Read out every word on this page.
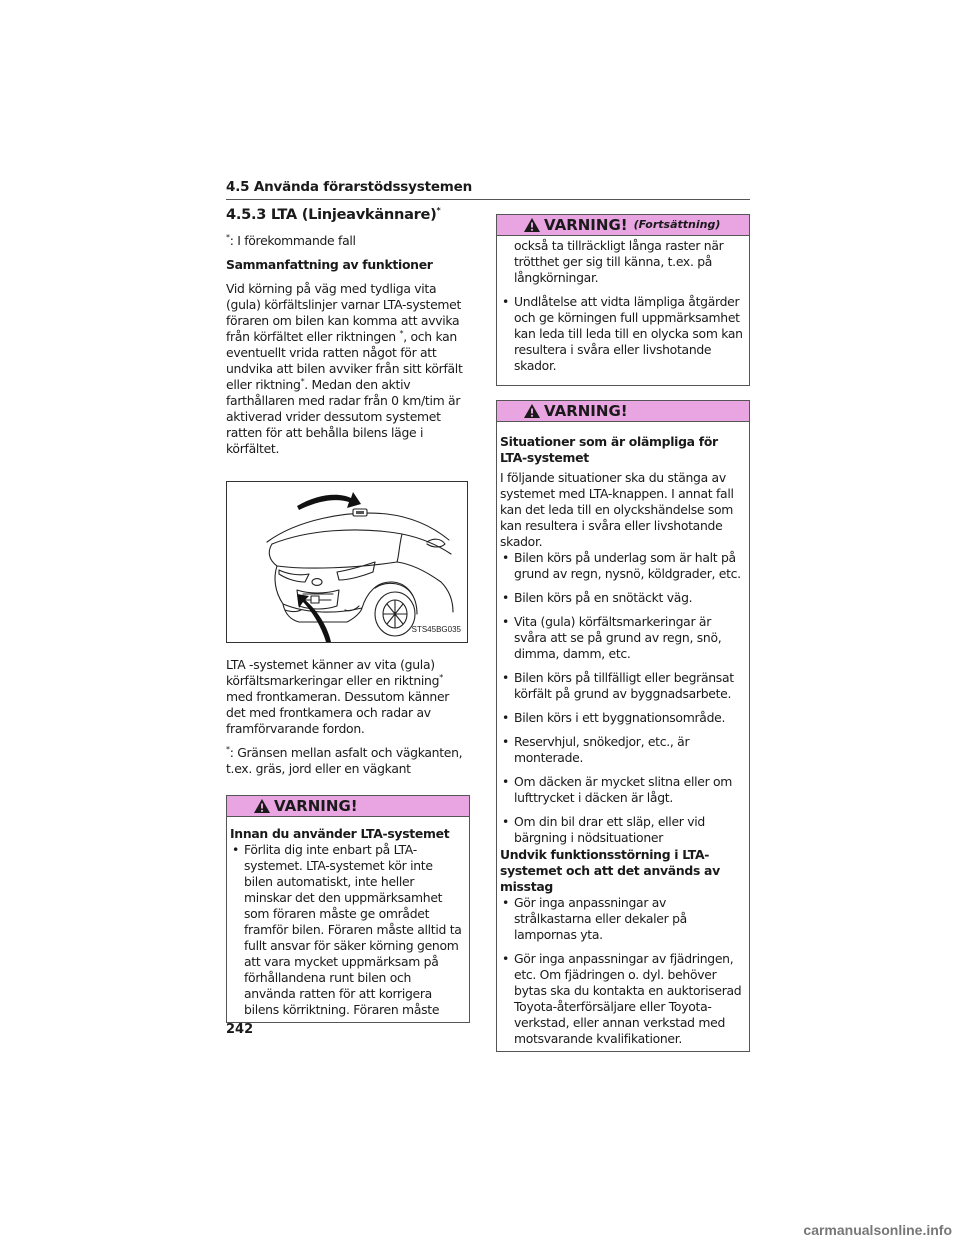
4.5 Använda förarstödssystemen
4.5.3 LTA (Linjeavkännare)*

*: I förekommande fall

Sammanfattning av funktioner

Vid körning på väg med tydliga vita (gula) körfältslinjer varnar LTA-systemet föraren om bilen kan komma att avvika från körfältet eller riktningen *, och kan eventuellt vrida ratten något för att undvika att bilen avviker från sitt körfält eller riktning*. Medan den aktiv farthållaren med radar från 0 km/tim är aktiverad vrider dessutom systemet ratten för att behålla bilens läge i körfältet.

STS45BG035

LTA -systemet känner av vita (gula) körfältsmarkeringar eller en riktning* med frontkameran. Dessutom känner det med frontkamera och radar av framförvarande fordon.

*: Gränsen mellan asfalt och vägkanten, t.ex. gräs, jord eller en vägkant

VARNING!

Innan du använder LTA-systemet

• Förlita dig inte enbart på LTA-systemet. LTA-systemet kör inte bilen automatiskt, inte heller minskar det den uppmärksamhet som föraren måste ge området framför bilen. Föraren måste alltid ta fullt ansvar för säker körning genom att vara mycket uppmärksam på förhållandena runt bilen och använda ratten för att korrigera bilens körriktning. Föraren måste
VARNING! (Fortsättning)
också ta tillräckligt långa raster när trötthet ger sig till känna, t.ex. på långkörningar.
• Undlåtelse att vidta lämpliga åtgärder och ge körningen full uppmärksamhet kan leda till leda till en olycka som kan resultera i svåra eller livshotande skador.
VARNING!

Situationer som är olämpliga för LTA-systemet

I följande situationer ska du stänga av systemet med LTA-knappen. I annat fall kan det leda till en olyckshändelse som kan resultera i svåra eller livshotande skador.

• Bilen körs på underlag som är halt på grund av regn, nysnö, köldgrader, etc.
• Bilen körs på en snötäckt väg.
• Vita (gula) körfältsmarkeringar är svåra att se på grund av regn, snö, dimma, damm, etc.
• Bilen körs på tillfälligt eller begränsat körfält på grund av byggnadsarbete.
• Bilen körs i ett byggnationsområde.
• Reservhjul, snökedjor, etc., är monterade.
• Om däcken är mycket slitna eller om lufttrycket i däcken är lågt.
• Om din bil drar ett släp, eller vid bärgning i nödsituationer

Undvik funktionsstörning i LTA-systemet och att det används av misstag

• Gör inga anpassningar av strålkastarna eller dekaler på lampornas yta.
• Gör inga anpassningar av fjädringen, etc. Om fjädringen o. dyl. behöver bytas ska du kontakta en auktoriserad Toyota-återförsäljare eller Toyota-verkstad, eller annan verkstad med motsvarande kvalifikationer.
242
carmanualsonline.info
